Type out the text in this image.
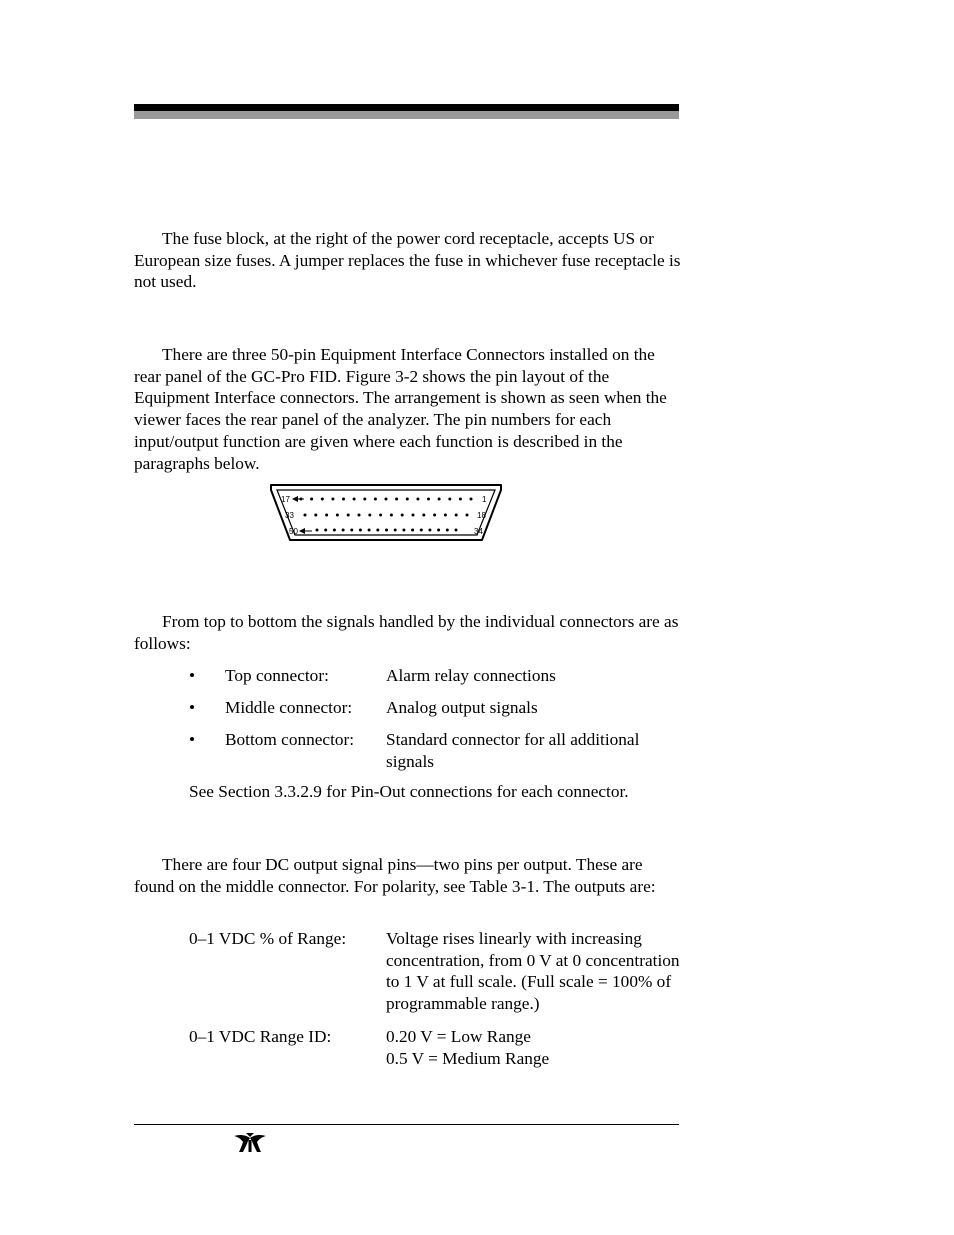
The fuse block, at the right of the power cord receptacle, accepts US or European size fuses. A jumper replaces the fuse in whichever fuse receptacle is not used.

There are three 50-pin Equipment Interface Connectors installed on the rear panel of the GC-Pro FID. Figure 3-2 shows the pin layout of the Equipment Interface connectors. The arrangement is shown as seen when the viewer faces the rear panel of the analyzer. The pin numbers for each input/output function are given where each function is described in the paragraphs below.

17	1
33	18
50	34

From top to bottom the signals handled by the individual connectors are as follows:

• Top connector:	Alarm relay connections
• Middle connector: Analog output signals
• Bottom connector: Standard connector for all additional signals
See Section 3.3.2.9 for Pin-Out connections for each connector.

There are four DC output signal pins—two pins per output. These are found on the middle connector. For polarity, see Table 3-1. The outputs are:

0–1 VDC % of Range: Voltage rises linearly with increasing concentration, from 0 V at 0 concentration to 1 V at full scale. (Full scale = 100% of programmable range.)
0–1 VDC Range ID:	0.20 V = Low Range
0.5 V = Medium Range
